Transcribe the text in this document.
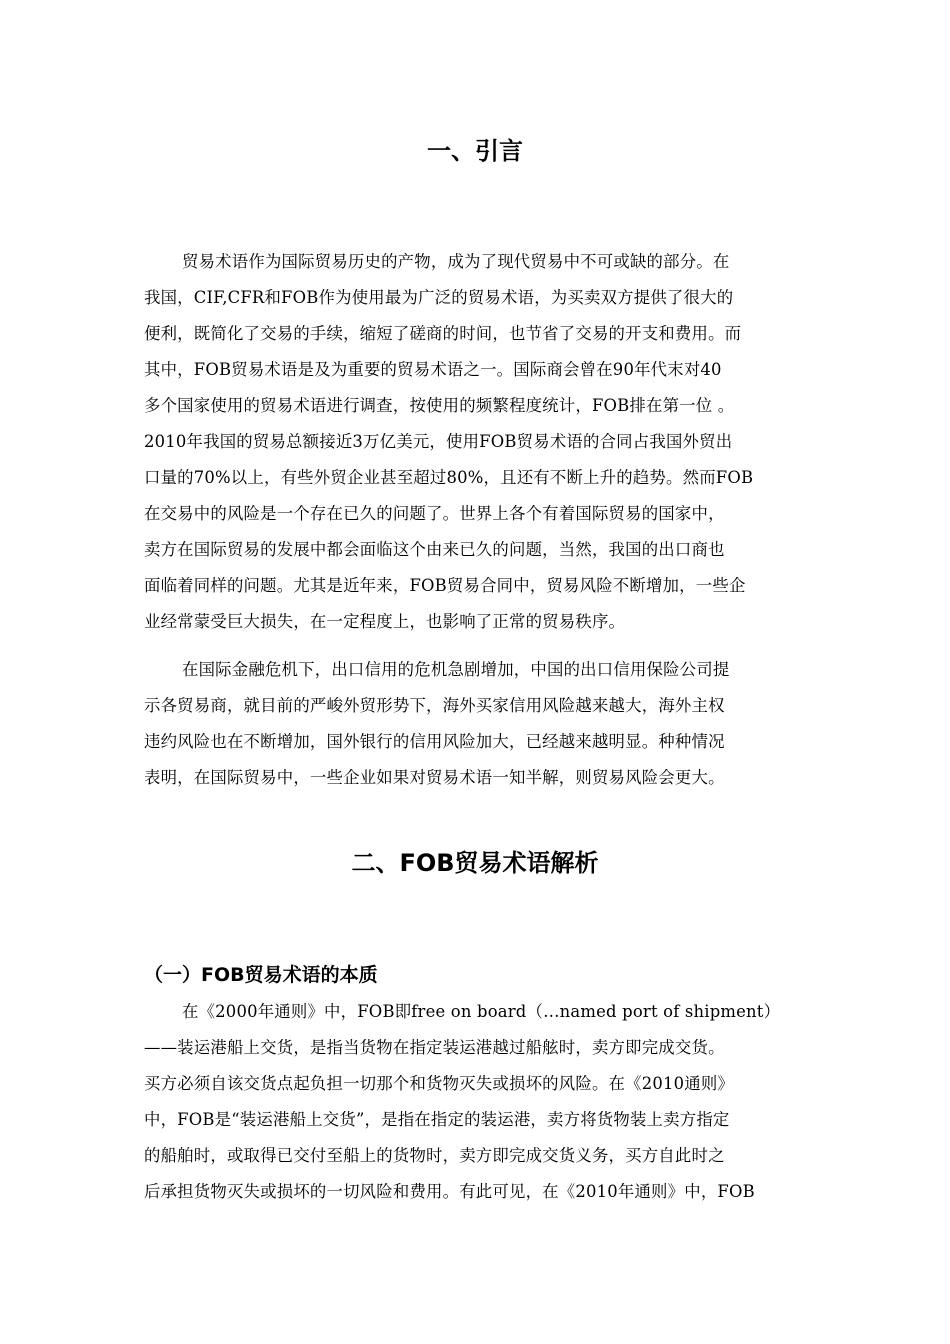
一、引言
贸易术语作为国际贸易历史的产物，成为了现代贸易中不可或缺的部分。在
我国，CIF,CFR和FOB作为使用最为广泛的贸易术语，为买卖双方提供了很大的
便利，既简化了交易的手续，缩短了磋商的时间，也节省了交易的开支和费用。而
其中，FOB贸易术语是及为重要的贸易术语之一。国际商会曾在90年代末对40
多个国家使用的贸易术语进行调查，按使用的频繁程度统计，FOB排在第一位 。
2010年我国的贸易总额接近3万亿美元，使用FOB贸易术语的合同占我国外贸出
口量的70%以上，有些外贸企业甚至超过80%，且还有不断上升的趋势。然而FOB
在交易中的风险是一个存在已久的问题了。世界上各个有着国际贸易的国家中，
卖方在国际贸易的发展中都会面临这个由来已久的问题，当然，我国的出口商也
面临着同样的问题。尤其是近年来，FOB贸易合同中，贸易风险不断增加，一些企
业经常蒙受巨大损失，在一定程度上，也影响了正常的贸易秩序。
在国际金融危机下，出口信用的危机急剧增加，中国的出口信用保险公司提
示各贸易商，就目前的严峻外贸形势下，海外买家信用风险越来越大，海外主权
违约风险也在不断增加，国外银行的信用风险加大，已经越来越明显。种种情况
表明，在国际贸易中，一些企业如果对贸易术语一知半解，则贸易风险会更大。
二、FOB贸易术语解析
（一）FOB贸易术语的本质
在《2000年通则》中，FOB即free on board（…named port of shipment）
——装运港船上交货，是指当货物在指定装运港越过船舷时，卖方即完成交货。
买方必须自该交货点起负担一切那个和货物灭失或损坏的风险。在《2010通则》
中，FOB是“装运港船上交货”，是指在指定的装运港，卖方将货物装上卖方指定
的船舶时，或取得已交付至船上的货物时，卖方即完成交货义务，买方自此时之
后承担货物灭失或损坏的一切风险和费用。有此可见，在《2010年通则》中，FOB
